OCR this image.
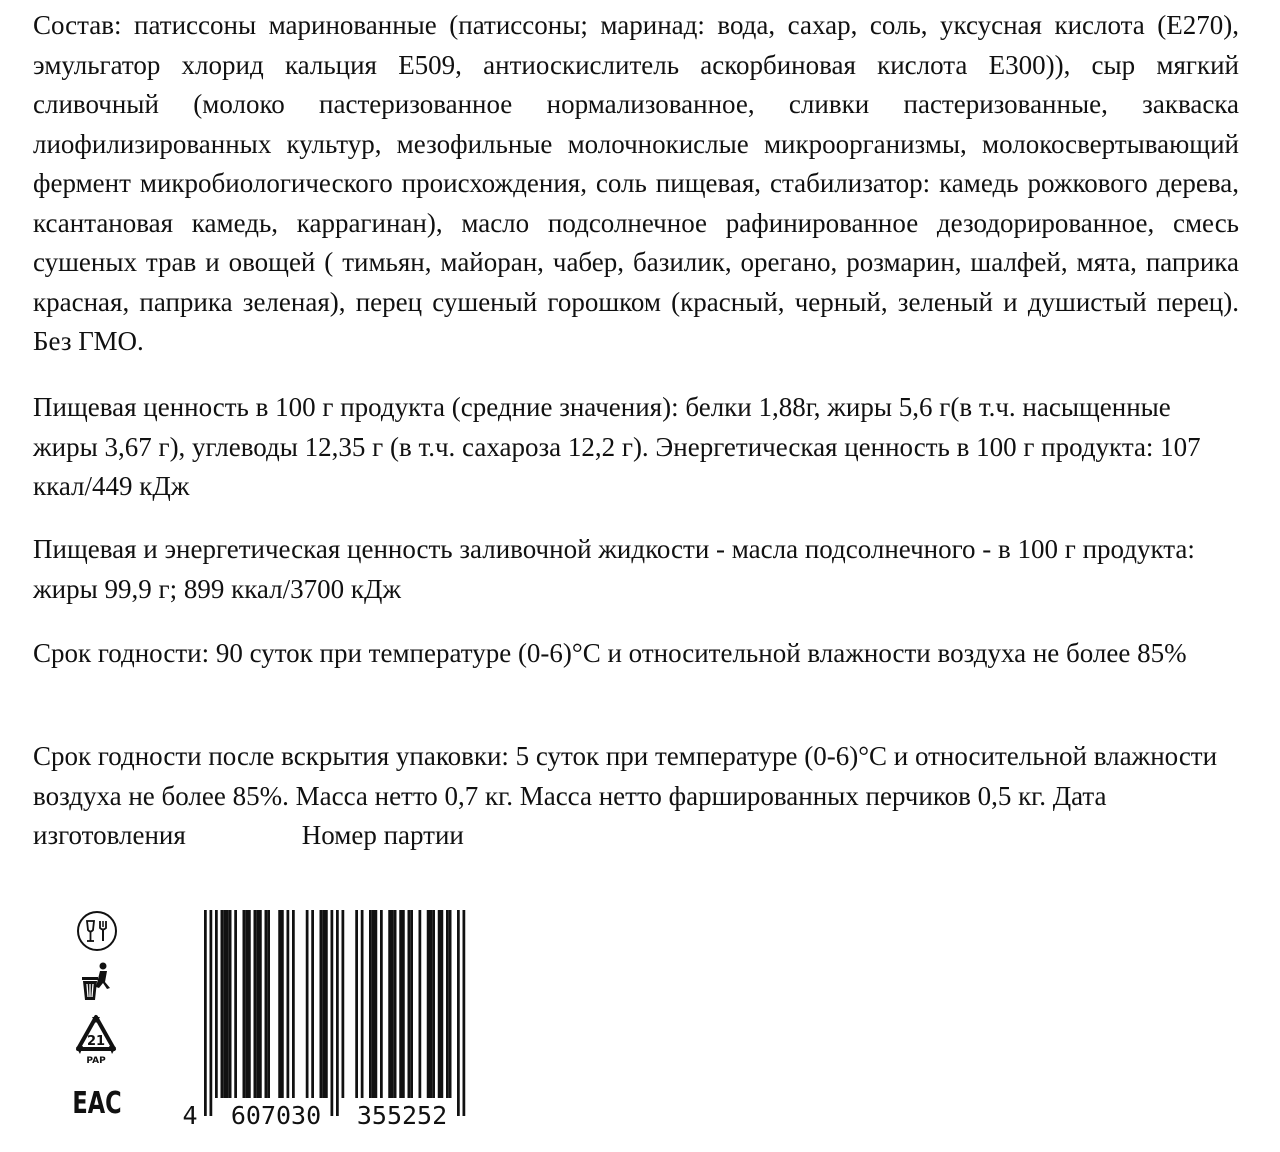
Состав: патиссоны маринованные (патиссоны; маринад: вода, сахар, соль, уксусная кислота (Е270), эмульгатор хлорид кальция Е509, антиоскислитель аскорбиновая кислота Е300)), сыр мягкий сливочный (молоко пастеризованное нормализованное, сливки пастеризованные, закваска лиофилизированных культур, мезофильные молочнокислые микроорганизмы, молокосвертывающий фермент микробиологического происхождения, соль пищевая, стабилизатор: камедь рожкового дерева, ксантановая камедь, каррагинан), масло подсолнечное рафинированное дезодорированное, смесь сушеных трав и овощей ( тимьян, майоран, чабер, базилик, орегано, розмарин, шалфей, мята, паприка красная, паприка зеленая), перец сушеный горошком (красный, черный, зеленый и душистый перец). Без ГМО.

Пищевая ценность в 100 г продукта (средние значения): белки 1,88г, жиры 5,6 г(в т.ч. насыщенные жиры 3,67 г), углеводы 12,35 г (в т.ч. сахароза 12,2 г). Энергетическая ценность в 100 г продукта: 107 ккал/449 кДж

Пищевая и энергетическая ценность заливочной жидкости - масла подсолнечного - в 100 г продукта: жиры 99,9 г; 899 ккал/3700 кДж

Срок годности: 90 суток при температуре (0-6)°С и относительной влажности воздуха не более 85%

Срок годности после вскрытия упаковки: 5 суток при температуре (0-6)°С и относительной влажности воздуха не более 85%. Масса нетто 0,7 кг. Масса нетто фаршированных перчиков 0,5 кг. Дата изготовления	Номер партии

21
PAP
ЕАС 4 607030 355252
